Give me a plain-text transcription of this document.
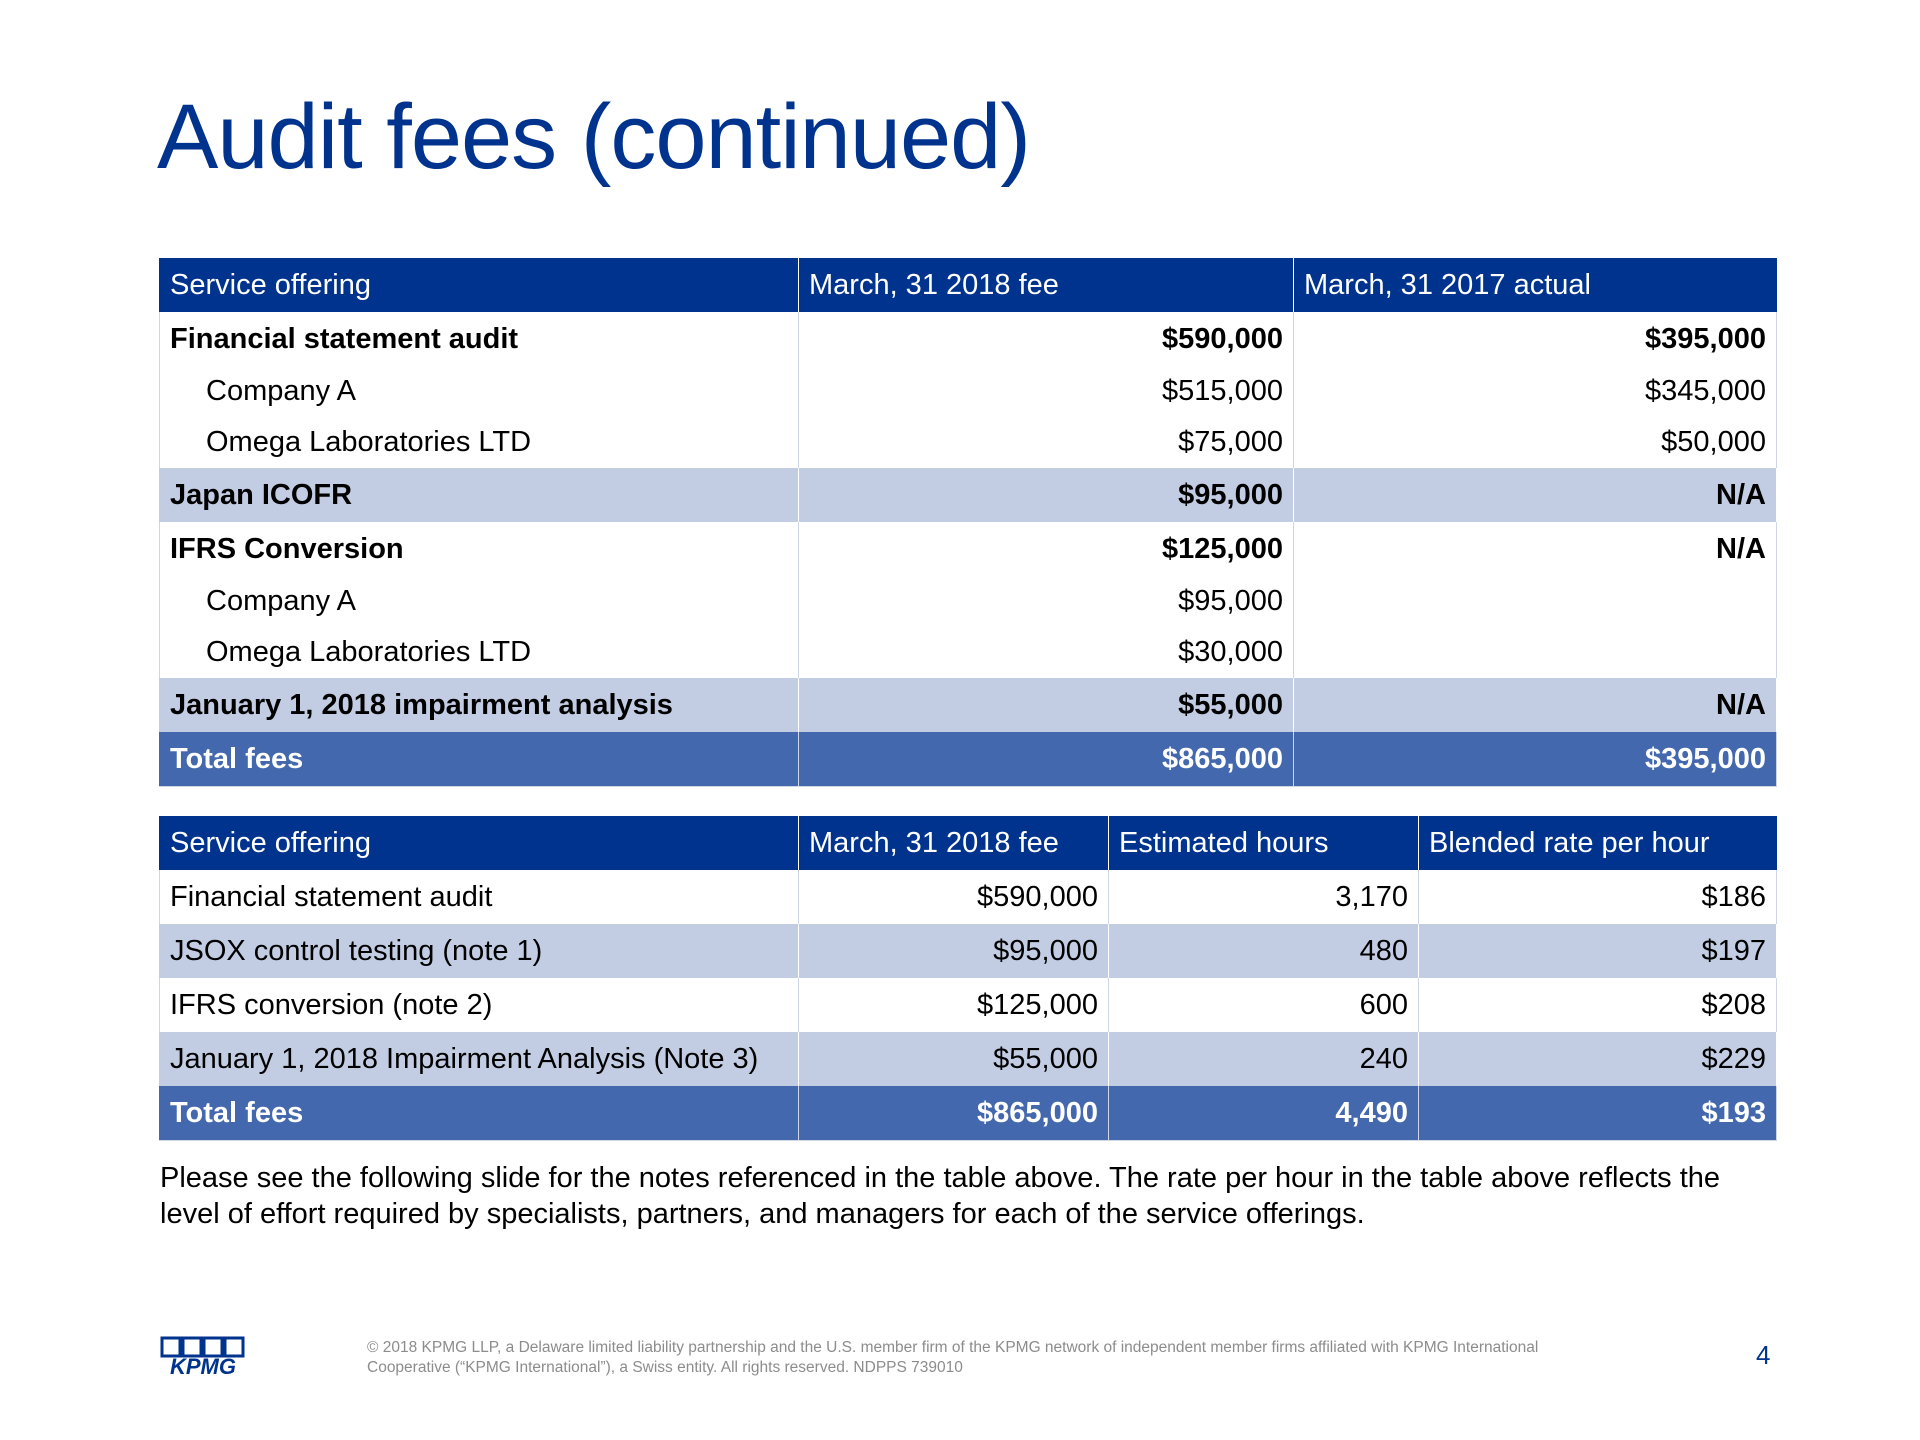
Audit fees (continued)
Service offering	March, 31 2018 fee	March, 31 2017 actual
Financial statement audit	$590,000	$395,000
Company A	$515,000	$345,000
Omega Laboratories LTD	$75,000	$50,000
Japan ICOFR	$95,000	N/A
IFRS Conversion	$125,000	N/A
Company A	$95,000	
Omega Laboratories LTD	$30,000	
January 1, 2018 impairment analysis	$55,000	N/A
Total fees	$865,000	$395,000
Service offering	March, 31 2018 fee	Estimated hours	Blended rate per hour
Financial statement audit	$590,000	3,170	$186
JSOX control testing (note 1)	$95,000	480	$197
IFRS conversion (note 2)	$125,000	600	$208
January 1, 2018 Impairment Analysis (Note 3)	$55,000	240	$229
Total fees	$865,000	4,490	$193
Please see the following slide for the notes referenced in the table above. The rate per hour in the table above reflects the level of effort required by specialists, partners, and managers for each of the service offerings.
KPMG
© 2018 KPMG LLP, a Delaware limited liability partnership and the U.S. member firm of the KPMG network of independent member firms affiliated with KPMG International
Cooperative (“KPMG International”), a Swiss entity. All rights reserved. NDPPS 739010	4
